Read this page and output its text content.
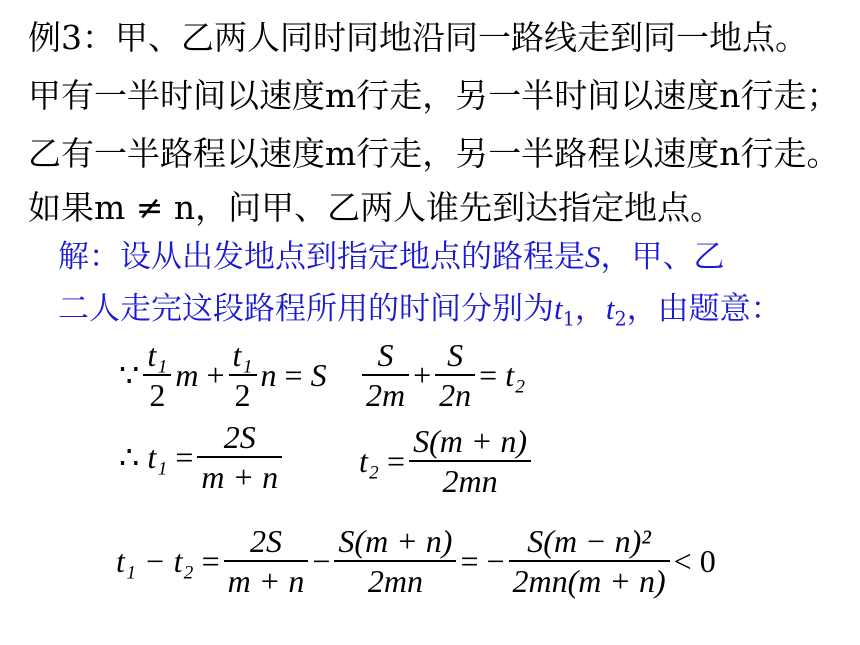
例3：甲、乙两人同时同地沿同一路线走到同一地点。
甲有一半时间以速度m行走，另一半时间以速度n行走；
乙有一半路程以速度m行走，另一半路程以速度n行走。
如果m ≠ n，问甲、乙两人谁先到达指定地点。
解：设从出发地点到指定地点的路程是S，甲、乙
二人走完这段路程所用的时间分别为$t_1$，$t_2$，由题意：
∵ $\frac{\text{t₁}}{2}$ $m + \frac{\text{t₁}}{2}$ n = S $\frac{S}{2m} + \frac{S}{2n} = t_2$
∴ $t_1 = \frac{2S}{m + n} t_2 = \frac{S(m + n)}{2mn}$
$t_1 - t_2 = \frac{2S}{m + n} - \frac{S(m + n)}{2mn}$ = − $\frac{\text{S(m − n)²}}{2mn(m + n)} < 0$
